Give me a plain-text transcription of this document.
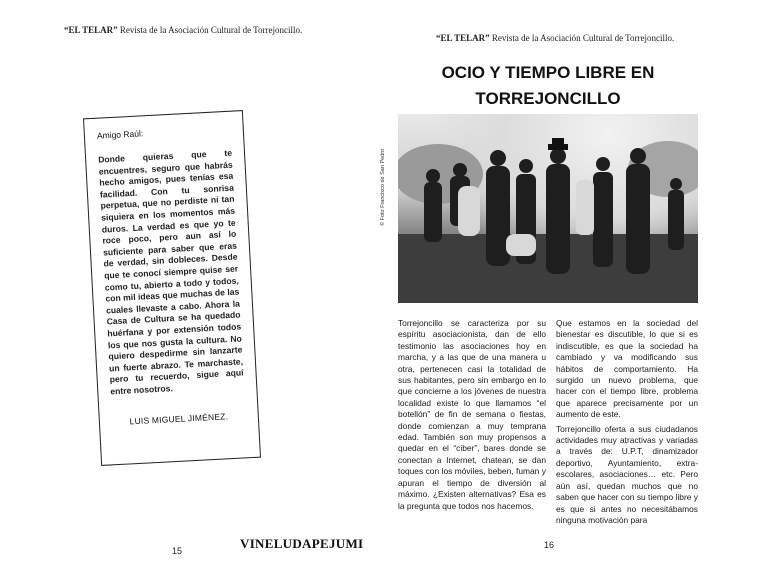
“EL TELAR” Revista de la Asociación Cultural de Torrejoncillo.
Amigo Raúl:
Donde quieras que te encuentres, seguro que habrás hecho amigos, pues tenías esa facilidad. Con tu sonrisa perpetua, que no perdiste ni tan siquiera en los momentos más duros. La verdad es que yo te roce poco, pero aun así lo suficiente para saber que eras de verdad, sin dobleces. Desde que te conocí siempre quise ser como tu, abierto a todo y todos, con mil ideas que muchas de las cuales llevaste a cabo. Ahora la Casa de Cultura se ha quedado huérfana y por extensión todos los que nos gusta la cultura. No quiero despedirme sin lanzarte un fuerte abrazo. Te marchaste, pero tu recuerdo, sigue aquí entre nosotros.
LUIS MIGUEL JIMÉNEZ.
15	VINELUDAPEJUMI
“EL TELAR” Revista de la Asociación Cultural de Torrejoncillo.
OCIO Y TIEMPO LIBRE EN
TORREJONCILLO
© Foto Francisco de San Pedro

Torrejoncillo se caracteriza por su espíritu asociacionista, dan de ello testimonio las asociaciones hoy en marcha, y a las que de una manera u otra, pertenecen casi la totalidad de sus habitantes, pero sin embargo en lo que concierne a los jóvenes de nuestra localidad existe lo que llamamos “el botellón” de fin de semana o fiestas, donde comienzan a muy temprana edad. También son muy propensos a quedar en el “ciber”, bares donde se conectan a Internet, chatean, se dan toques con los móviles, beben, fuman y apuran el tiempo de diversión al máximo. ¿Existen alternativas? Esa es la pregunta que todos nos hacemos.

Que estamos en la sociedad del bienestar es discutible, lo que si es indiscutible, es que la sociedad ha cambiado y va modificando sus hábitos de comportamiento. Ha surgido un nuevo problema, que hacer con el tiempo libre, problema que aparece precisamente por un aumento de este.

Torrejoncillo oferta a sus ciudadanos actividades muy atractivas y variadas a través de: U.P.T, dinamizador deportivo, Ayuntamiento, extra-escolares, asociaciones… etc. Pero aún así, quedan muchos que no saben que hacer con su tiempo libre y es que si antes no necesitábamos ninguna motivación para

16
